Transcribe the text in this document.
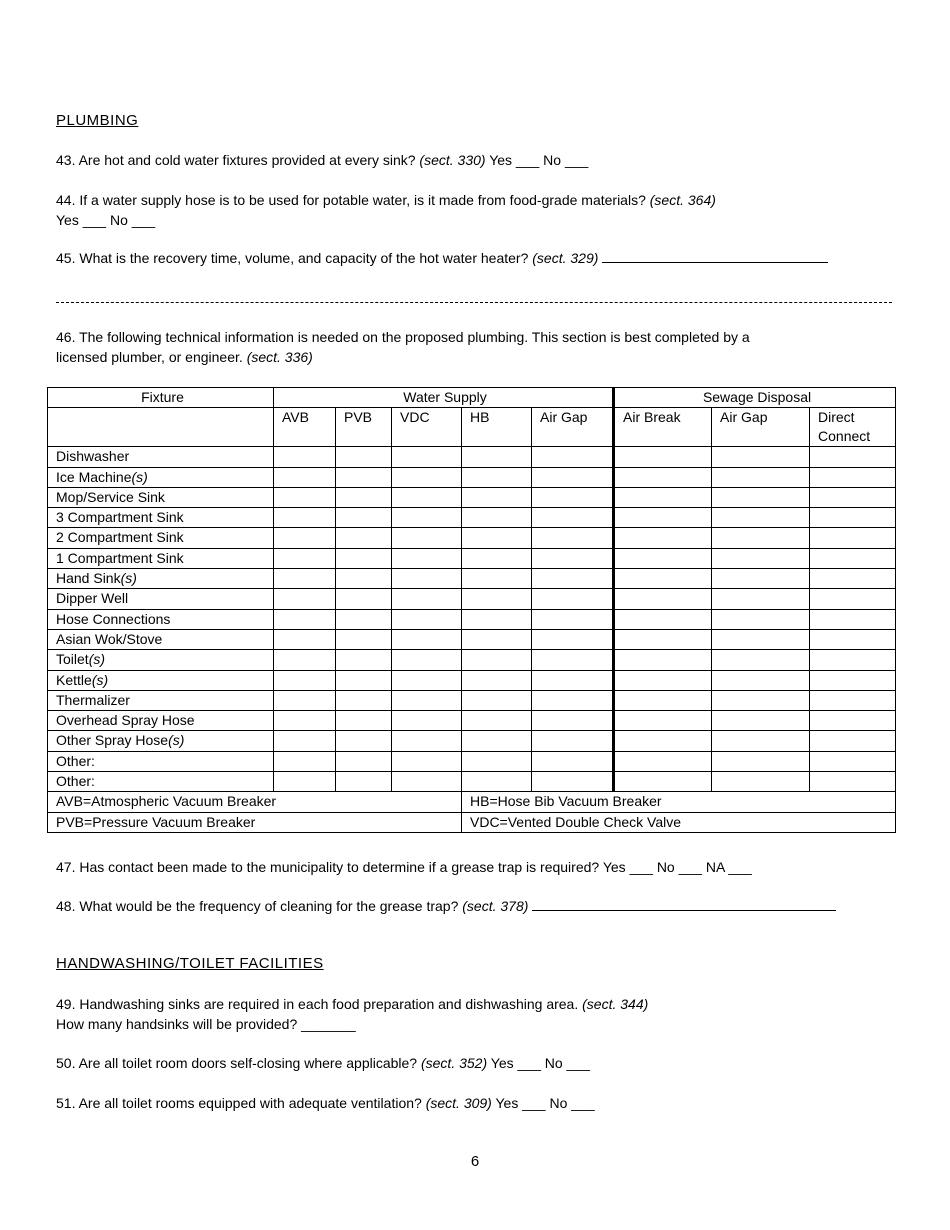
PLUMBING
43. Are hot and cold water fixtures provided at every sink? (sect. 330) Yes ___ No ___
44. If a water supply hose is to be used for potable water, is it made from food-grade materials? (sect. 364)
Yes ___ No ___
45. What is the recovery time, volume, and capacity of the hot water heater? (sect. 329)
46. The following technical information is needed on the proposed plumbing. This section is best completed by a
licensed plumber, or engineer. (sect. 336)
Fixture	Water Supply					Sewage Disposal		
	AVB	PVB	VDC	HB	Air Gap	Air Break	Air Gap	Direct Connect
Dishwasher								
Ice Machine(s)								
Mop/Service Sink								
3 Compartment Sink								
2 Compartment Sink								
1 Compartment Sink								
Hand Sink(s)								
Dipper Well								
Hose Connections								
Asian Wok/Stove								
Toilet(s)								
Kettle(s)								
Thermalizer								
Overhead Spray Hose								
Other Spray Hose(s)								
Other:								
Other:								
AVB=Atmospheric Vacuum Breaker				HB=Hose Bib Vacuum Breaker				
PVB=Pressure Vacuum Breaker				VDC=Vented Double Check Valve				
47. Has contact been made to the municipality to determine if a grease trap is required? Yes ___ No ___ NA ___
48. What would be the frequency of cleaning for the grease trap? (sect. 378)
HANDWASHING/TOILET FACILITIES
49. Handwashing sinks are required in each food preparation and dishwashing area. (sect. 344)
How many handsinks will be provided? _______
50. Are all toilet room doors self-closing where applicable? (sect. 352) Yes ___ No ___
51. Are all toilet rooms equipped with adequate ventilation? (sect. 309) Yes ___ No ___
6
